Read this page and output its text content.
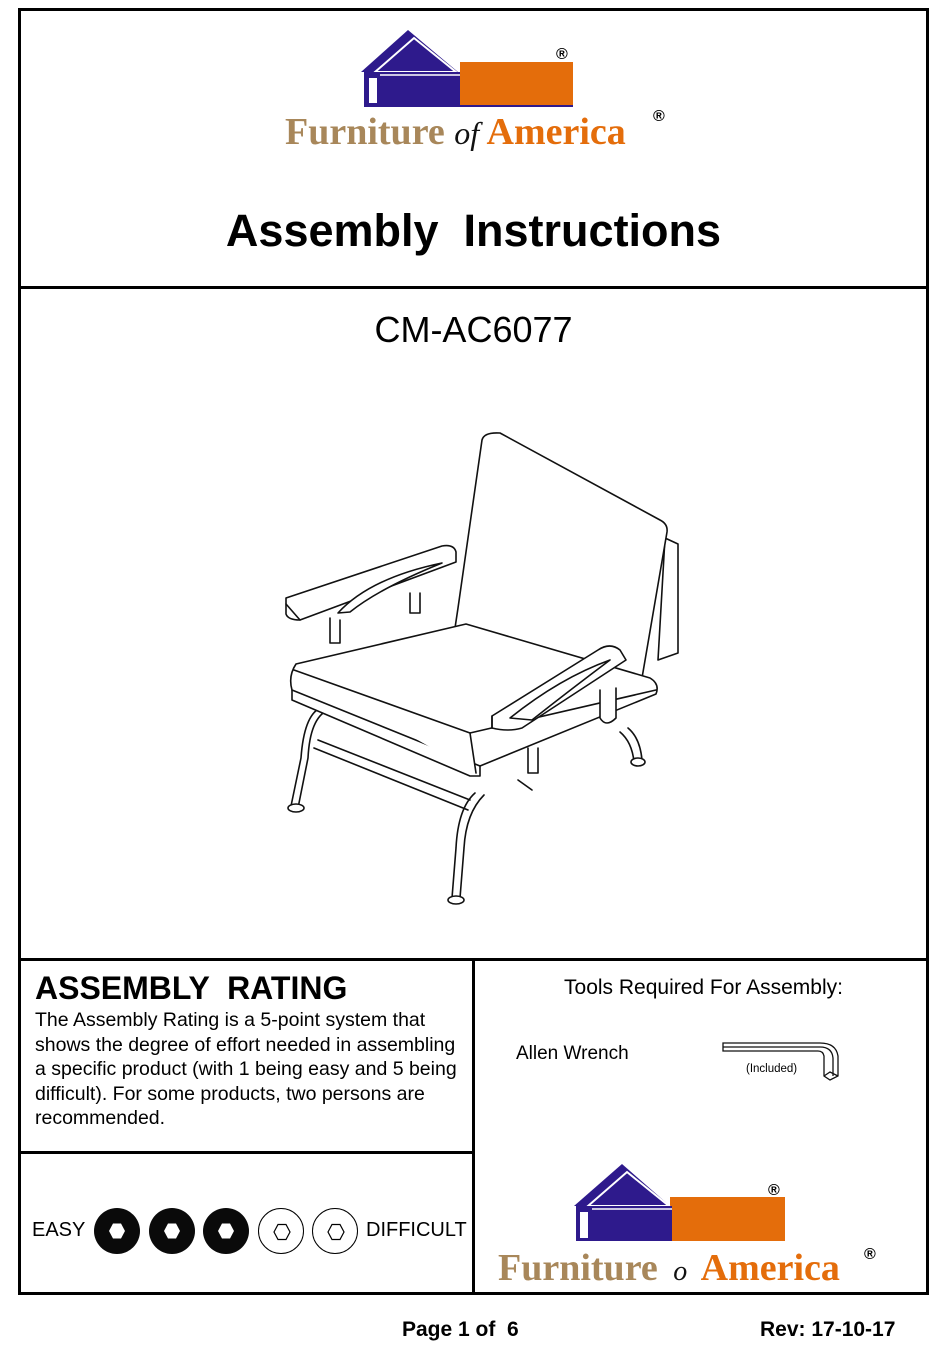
®
Furniture of America ®
Assembly  Instructions
CM-AC6077
ASSEMBLY  RATING
The Assembly Rating is a 5-point system that shows the degree of effort needed in assembling a specific product (with 1 being easy and 5 being difficult). For some products, two persons are recommended.
EASY	DIFFICULT
Tools Required For Assembly:
Allen Wrench
(Included)
®
Furniture o America ®
Page 1 of  6	Rev: 17-10-17
